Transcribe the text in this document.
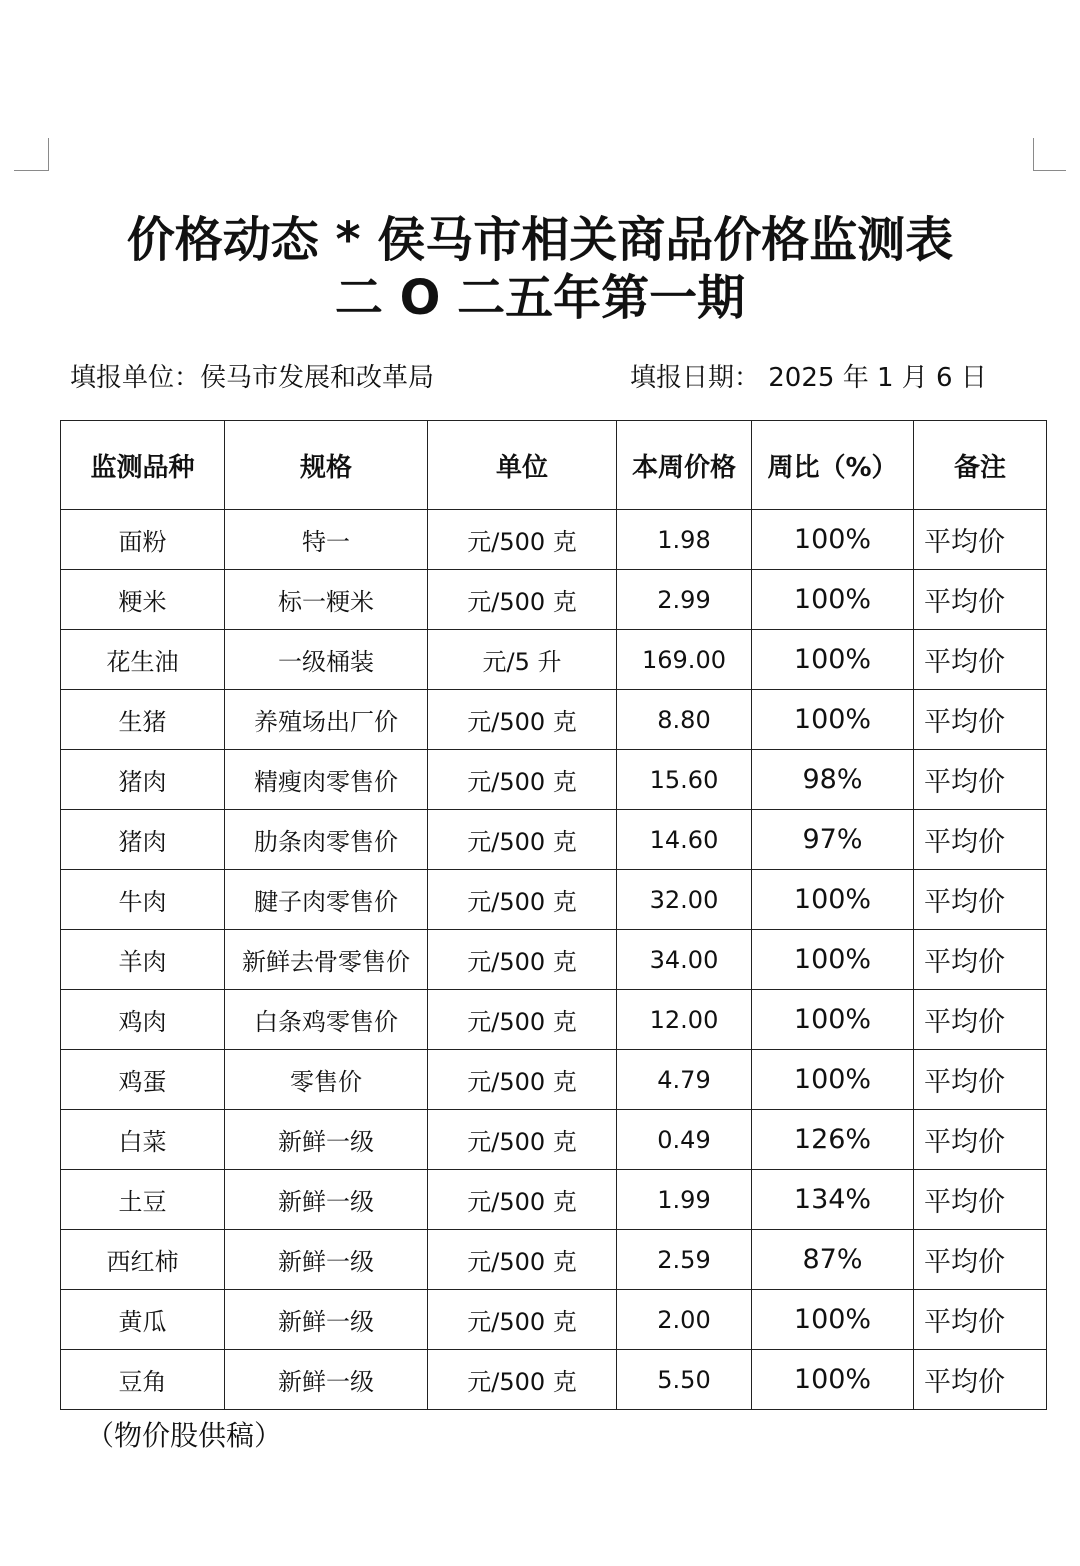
价格动态 * 侯马市相关商品价格监测表
二 O 二五年第一期
填报单位：侯马市发展和改革局	填报日期： 2025 年 1 月 6 日
监测品种	规格	单位	本周价格	周比（%）	备注
面粉	特一	元/500 克	1.98	100%	平均价
粳米	标一粳米	元/500 克	2.99	100%	平均价
花生油	一级桶装	元/5 升	169.00	100%	平均价
生猪	养殖场出厂价	元/500 克	8.80	100%	平均价
猪肉	精瘦肉零售价	元/500 克	15.60	98%	平均价
猪肉	肋条肉零售价	元/500 克	14.60	97%	平均价
牛肉	腱子肉零售价	元/500 克	32.00	100%	平均价
羊肉	新鲜去骨零售价	元/500 克	34.00	100%	平均价
鸡肉	白条鸡零售价	元/500 克	12.00	100%	平均价
鸡蛋	零售价	元/500 克	4.79	100%	平均价
白菜	新鲜一级	元/500 克	0.49	126%	平均价
土豆	新鲜一级	元/500 克	1.99	134%	平均价
西红柿	新鲜一级	元/500 克	2.59	87%	平均价
黄瓜	新鲜一级	元/500 克	2.00	100%	平均价
豆角	新鲜一级	元/500 克	5.50	100%	平均价
（物价股供稿）
